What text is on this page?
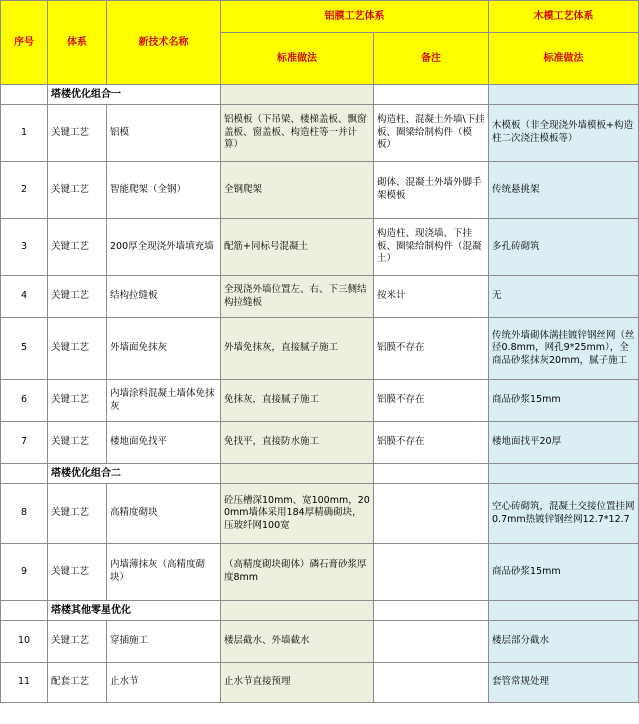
序号	体系	新技术名称	铝膜工艺体系		木模工艺体系
			标准做法	备注	标准做法
	塔楼优化组合一				
1	关键工艺	铝模	铝模板（下吊梁、楼梯盖板、飘窗盖板、窗盖板、构造柱等一并计算）	构造柱、混凝土外墙\下挂板、圈梁给制构件（模板）	木模板（非全现浇外墙模板+构造柱二次浇注模板等）
2	关键工艺	智能爬架（全钢）	全钢爬架	砌体、混凝土外墙外脚手架模板	传统悬挑架
3	关键工艺	200厚全现浇外墙填充墙	配筋+同标号混凝土	构造柱、现浇墙、下挂板、圈梁给制构件（混凝土）	多孔砖砌筑
4	关键工艺	结构拉缝板	全现浇外墙位置左、右、下三侧结构拉缝板	按米计	无
5	关键工艺	外墙面免抹灰	外墙免抹灰，直接腻子施工	铝膜不存在	传统外墙砌体满挂镀锌钢丝网（丝径0.8mm，网孔9*25mm），全商品砂浆抹灰20mm，腻子施工
6	关键工艺	内墙涂料混凝土墙体免抹灰	免抹灰，直接腻子施工	铝膜不存在	商品砂浆15mm
7	关键工艺	楼地面免找平	免找平，直接防水施工	铝膜不存在	楼地面找平20厚
	塔楼优化组合二				
8	关键工艺	高精度砌块	砼压槽深10mm、宽100mm，200mm墙体采用184厚精确砌块，压玻纤网100宽		空心砖砌筑，混凝土交接位置挂网0.7mm热镀锌钢丝网12.7*12.7
9	关键工艺	内墙薄抹灰（高精度砌块）	（高精度砌块砌体）磷石膏砂浆厚度8mm		商品砂浆15mm
	塔楼其他零星优化				
10	关键工艺	穿插施工	楼层截水、外墙截水		楼层部分截水
11	配套工艺	止水节	止水节直接预埋		套管常规处理
